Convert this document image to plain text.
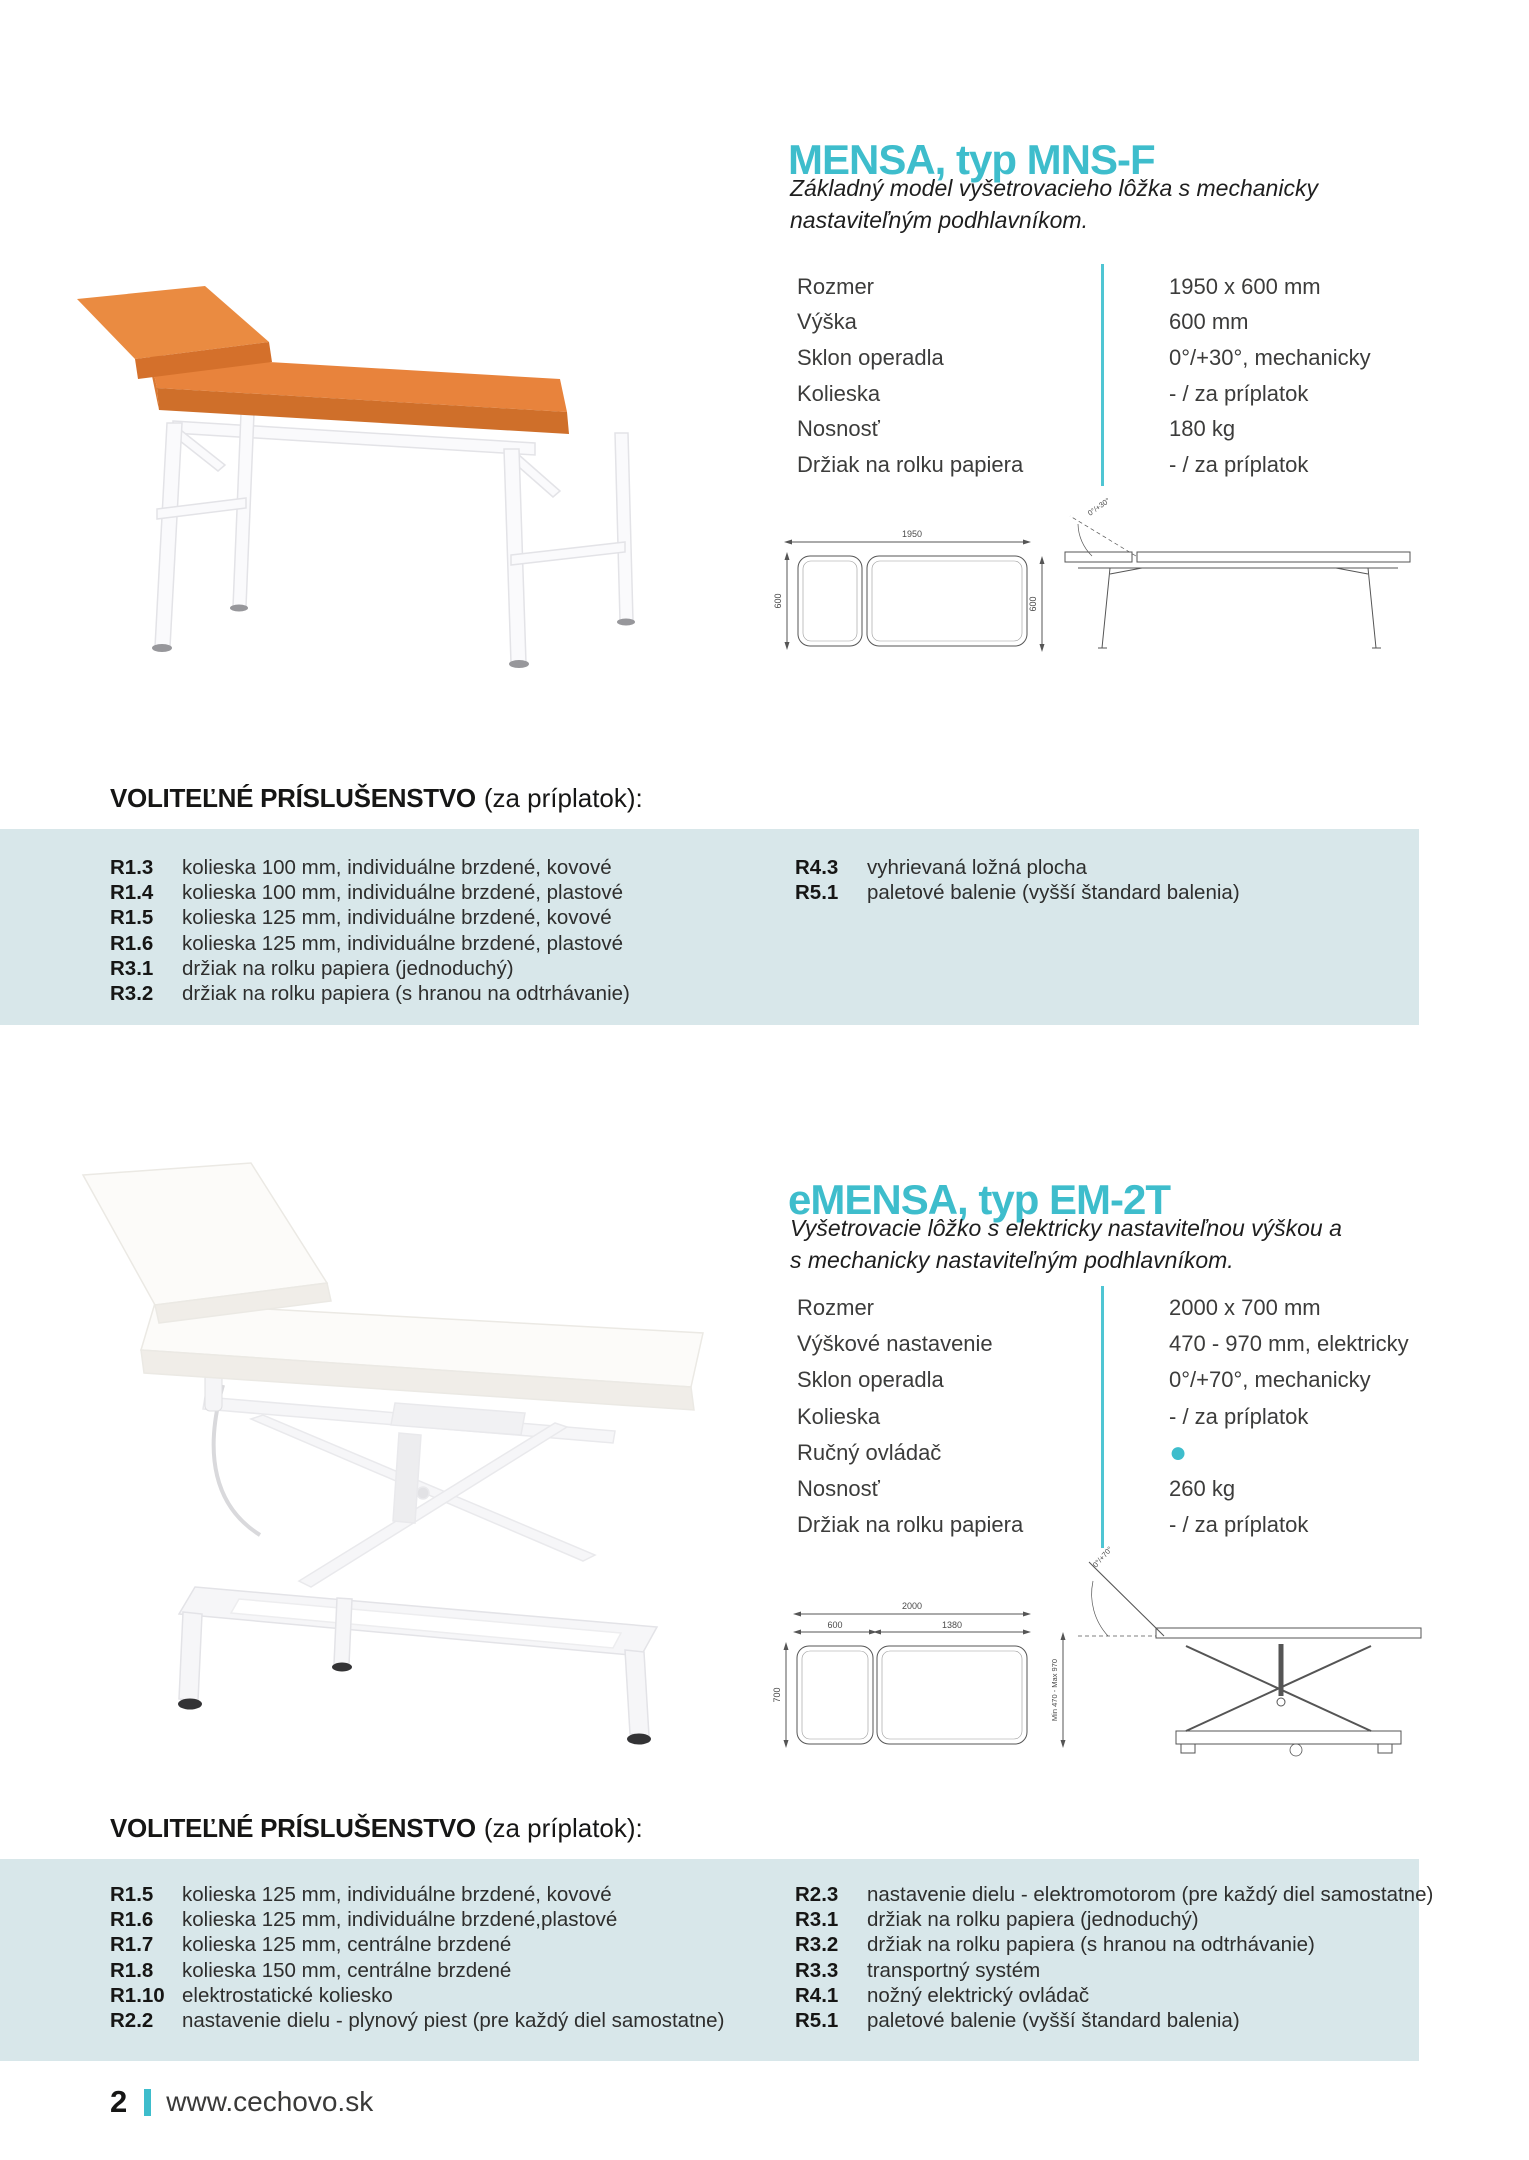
MENSA, typ MNS-F

Základný model vyšetrovacieho lôžka s mechanicky nastaviteľným podhlavníkom.

Rozmer	1950 x 600 mm
Výška	600 mm
Sklon operadla	0°/+30°, mechanicky
Kolieska	- / za príplatok
Nosnosť	180 kg
Držiak na rolku papiera	- / za príplatok
1950
600	600
0°/+30°
VOLITEĽNÉ PRÍSLUŠENSTVO (za príplatok):
R1.3	kolieska 100 mm, individuálne brzdené, kovové
R1.4	kolieska 100 mm, individuálne brzdené, plastové
R1.5	kolieska 125 mm, individuálne brzdené, kovové
R1.6	kolieska 125 mm, individuálne brzdené, plastové
R3.1	držiak na rolku papiera (jednoduchý)
R3.2	držiak na rolku papiera (s hranou na odtrhávanie)
R4.3	vyhrievaná ložná plocha
R5.1	paletové balenie (vyšší štandard balenia)
eMENSA, typ EM-2T

Vyšetrovacie lôžko s elektricky nastaviteľnou výškou a s mechanicky nastaviteľným podhlavníkom.

Rozmer	2000 x 700 mm
Výškové nastavenie	470 - 970 mm, elektricky
Sklon operadla	0°/+70°, mechanicky
Kolieska	- / za príplatok
Ručný ovládač	●
Nosnosť	260 kg
Držiak na rolku papiera	- / za príplatok
2000
600	1380
700	Min 470 - Max 970
0°/+70°
VOLITEĽNÉ PRÍSLUŠENSTVO (za príplatok):
R1.5	kolieska 125 mm, individuálne brzdené, kovové
R1.6	kolieska 125 mm, individuálne brzdené,plastové
R1.7	kolieska 125 mm, centrálne brzdené
R1.8	kolieska 150 mm, centrálne brzdené
R1.10 elektrostatické koliesko
R2.2	nastavenie dielu - plynový piest (pre každý diel samostatne)
R2.3	nastavenie dielu - elektromotorom (pre každý diel samostatne)
R3.1	držiak na rolku papiera (jednoduchý)
R3.2	držiak na rolku papiera (s hranou na odtrhávanie)
R3.3	transportný systém
R4.1	nožný elektrický ovládač
R5.1	paletové balenie (vyšší štandard balenia)
2 www.cechovo.sk
